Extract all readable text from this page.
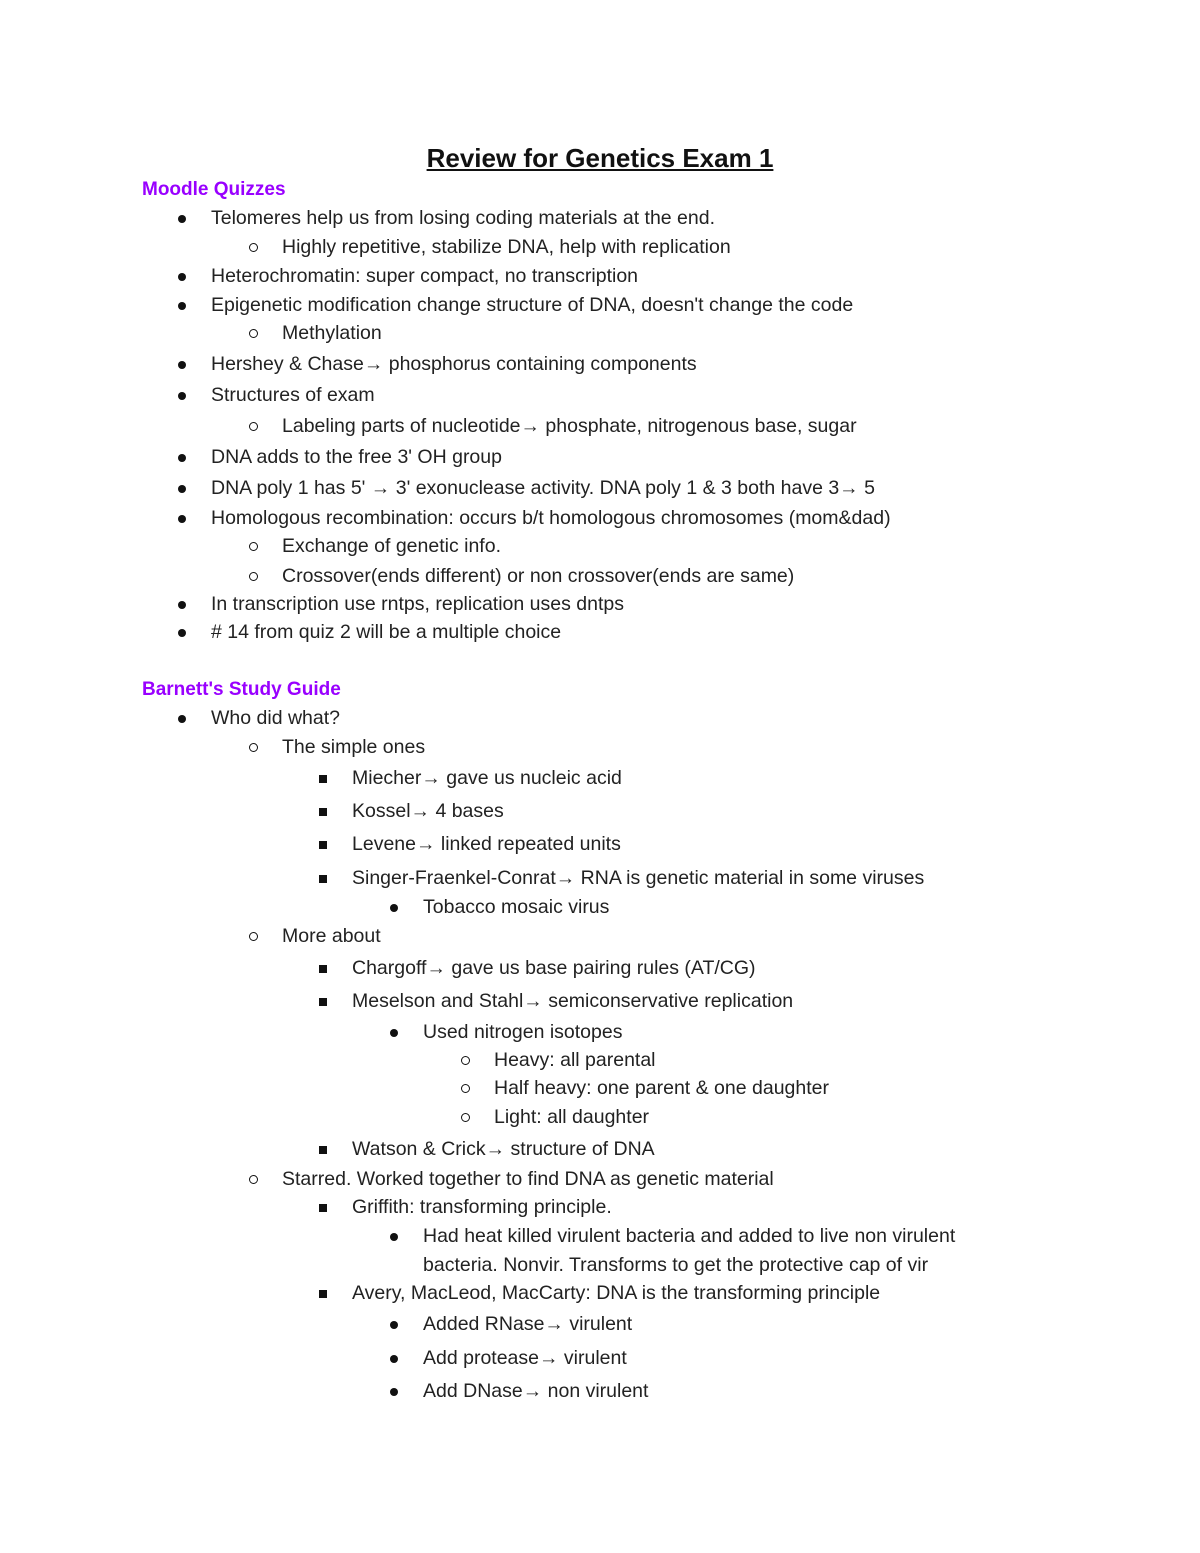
Review for Genetics Exam 1
Moodle Quizzes
Telomeres help us from losing coding materials at the end.
Highly repetitive, stabilize DNA, help with replication
Heterochromatin: super compact, no transcription
Epigenetic modification change structure of DNA, doesn't change the code
Methylation
Hershey & Chase→ phosphorus containing components
Structures of exam
Labeling parts of nucleotide→ phosphate, nitrogenous base, sugar
DNA adds to the free 3' OH group
DNA poly 1 has 5' → 3' exonuclease activity. DNA poly 1 & 3 both have 3→ 5
Homologous recombination: occurs b/t homologous chromosomes (mom&dad)
Exchange of genetic info.
Crossover(ends different) or non crossover(ends are same)
In transcription use rntps, replication uses dntps
# 14 from quiz 2 will be a multiple choice
Barnett's Study Guide
Who did what?
The simple ones
Miecher→ gave us nucleic acid
Kossel→ 4 bases
Levene→ linked repeated units
Singer-Fraenkel-Conrat→ RNA is genetic material in some viruses
Tobacco mosaic virus
More about
Chargoff→ gave us base pairing rules (AT/CG)
Meselson and Stahl→ semiconservative replication
Used nitrogen isotopes
Heavy: all parental
Half heavy: one parent & one daughter
Light: all daughter
Watson & Crick→ structure of DNA
Starred. Worked together to find DNA as genetic material
Griffith: transforming principle.
Had heat killed virulent bacteria and added to live non virulent
bacteria. Nonvir. Transforms to get the protective cap of vir
Avery, MacLeod, MacCarty: DNA is the transforming principle
Added RNase→ virulent
Add protease→ virulent
Add DNase→ non virulent
